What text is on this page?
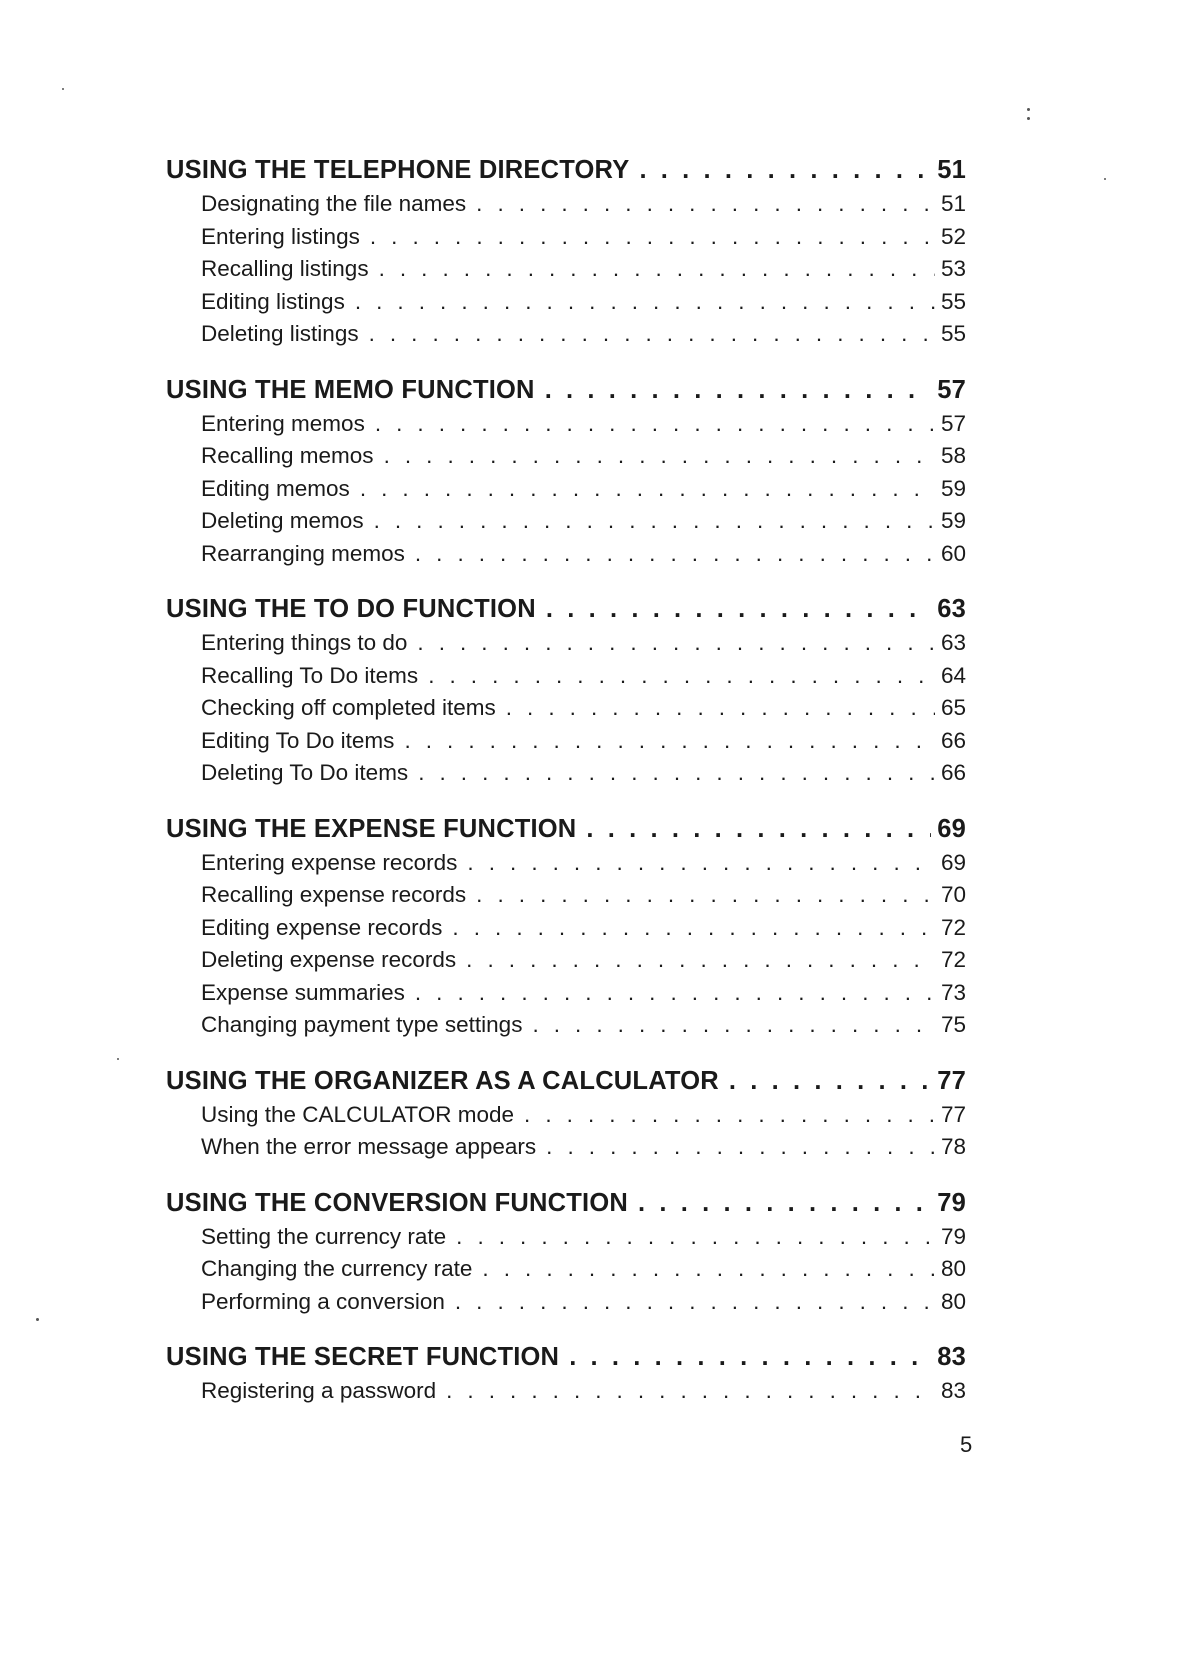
USING THE TELEPHONE DIRECTORY . . .	51
Designating the file names . . .	51
Entering listings . . .	52
Recalling listings . . .	53
Editing listings . . .	55
Deleting listings . . .	55
USING THE MEMO FUNCTION . . .	57
Entering memos . . .	57
Recalling memos . . .	58
Editing memos . . .	59
Deleting memos . . .	59
Rearranging memos . . .	60
USING THE TO DO FUNCTION . . .	63
Entering things to do . . .	63
Recalling To Do items . . .	64
Checking off completed items . . .	65
Editing To Do items . . .	66
Deleting To Do items . . .	66
USING THE EXPENSE FUNCTION . . .	69
Entering expense records . . .	69
Recalling expense records . . .	70
Editing expense records . . .	72
Deleting expense records . . .	72
Expense summaries . . .	73
Changing payment type settings . . .	75
USING THE ORGANIZER AS A CALCULATOR . . .	77
Using the CALCULATOR mode . . .	77
When the error message appears . . .	78
USING THE CONVERSION FUNCTION . . .	79
Setting the currency rate . . .	79
Changing the currency rate . . .	80
Performing a conversion . . .	80
USING THE SECRET FUNCTION . . .	83
Registering a password . . .	83
5
